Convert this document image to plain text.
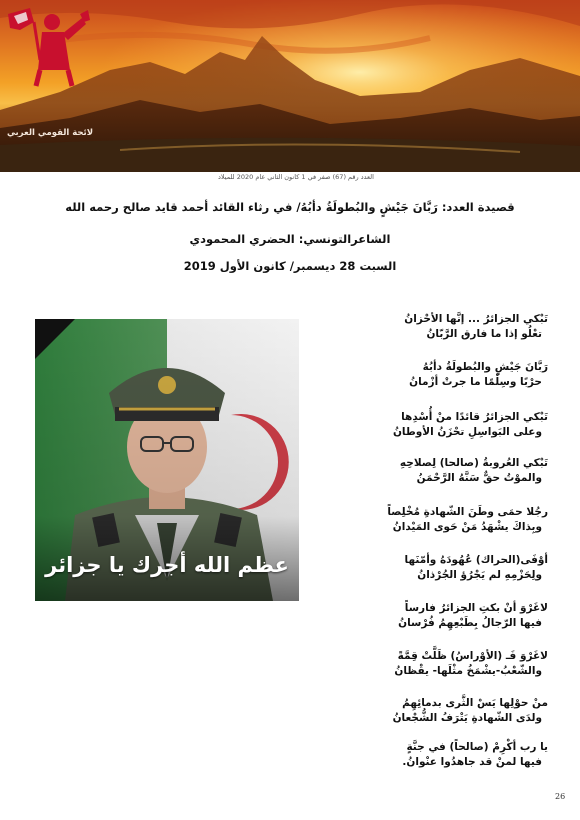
لائحة القومي العربي
العدد رقم (67) صفر في 1 كانون الثاني عام 2020 للميلاد
قصيدة العدد: رَبَّانَ جَيْشٍ والبُطولَةُ دأبُهُ/ في رثاء القائد أحمد قايد صالح رحمه الله
الشاعرالتونسي: الحضري المحمودي
السبت 28 ديسمبر/ كانون الأول 2019
عظم الله أجرك يا جزائر
تَبْكي الجزائرُ ... إنَّها الأحْزانُ
تعْلُو إذا ما فارق الرَّبّانُ
رَبَّانَ جَيْشٍ والبُطولَةُ دأبُهُ
حرْبًا وسِلْمًا ما جرتْ أزْمانُ
تَبْكي الجزائرُ قائدًا منْ أُسْدِها
وعلى البَواسِلِ تحْزَنُ الأوطانُ
تَبْكي العُروبةُ (صالحا) لِصلاحِهِ
والموْتُ حقٌّ سَنَّهُ الرَّحْمَنُ
رجُلا حمَى وطَنَ الشّهادةِ مُخْلِصاً
وبِذاكَ يشْهَدُ مَنْ حَوى المَيْدانُ
أوْفَى(الحراك) عُهُودَهُ وأمّنَها
ولِحَزْمِهِ لم يَجْرُؤ الجُرْذانُ
لاغَرْوَ أنْ بكتِ الجزائرُ فارساً
فيها الرّجالُ بِطَبْعِهِمُ فُرْسانُ
لاغَرْوَ فَـ (الأوْراسُ) ظَلَّتْ قِمَّةً
والشّعْبُ-يشْمَخُ مثْلَها- يقْظانُ
منْ حوْلِها يَسْ الثَّرى بدمائِهِمُ
ولدَى الشّهادةِ يَتْرَفُ الشُّجْعانُ
يا رب أكْرِمْ (صالحاً) في جنَّةٍ
فيها لمنْ قد جاهدُوا عنْوانُ.
26
